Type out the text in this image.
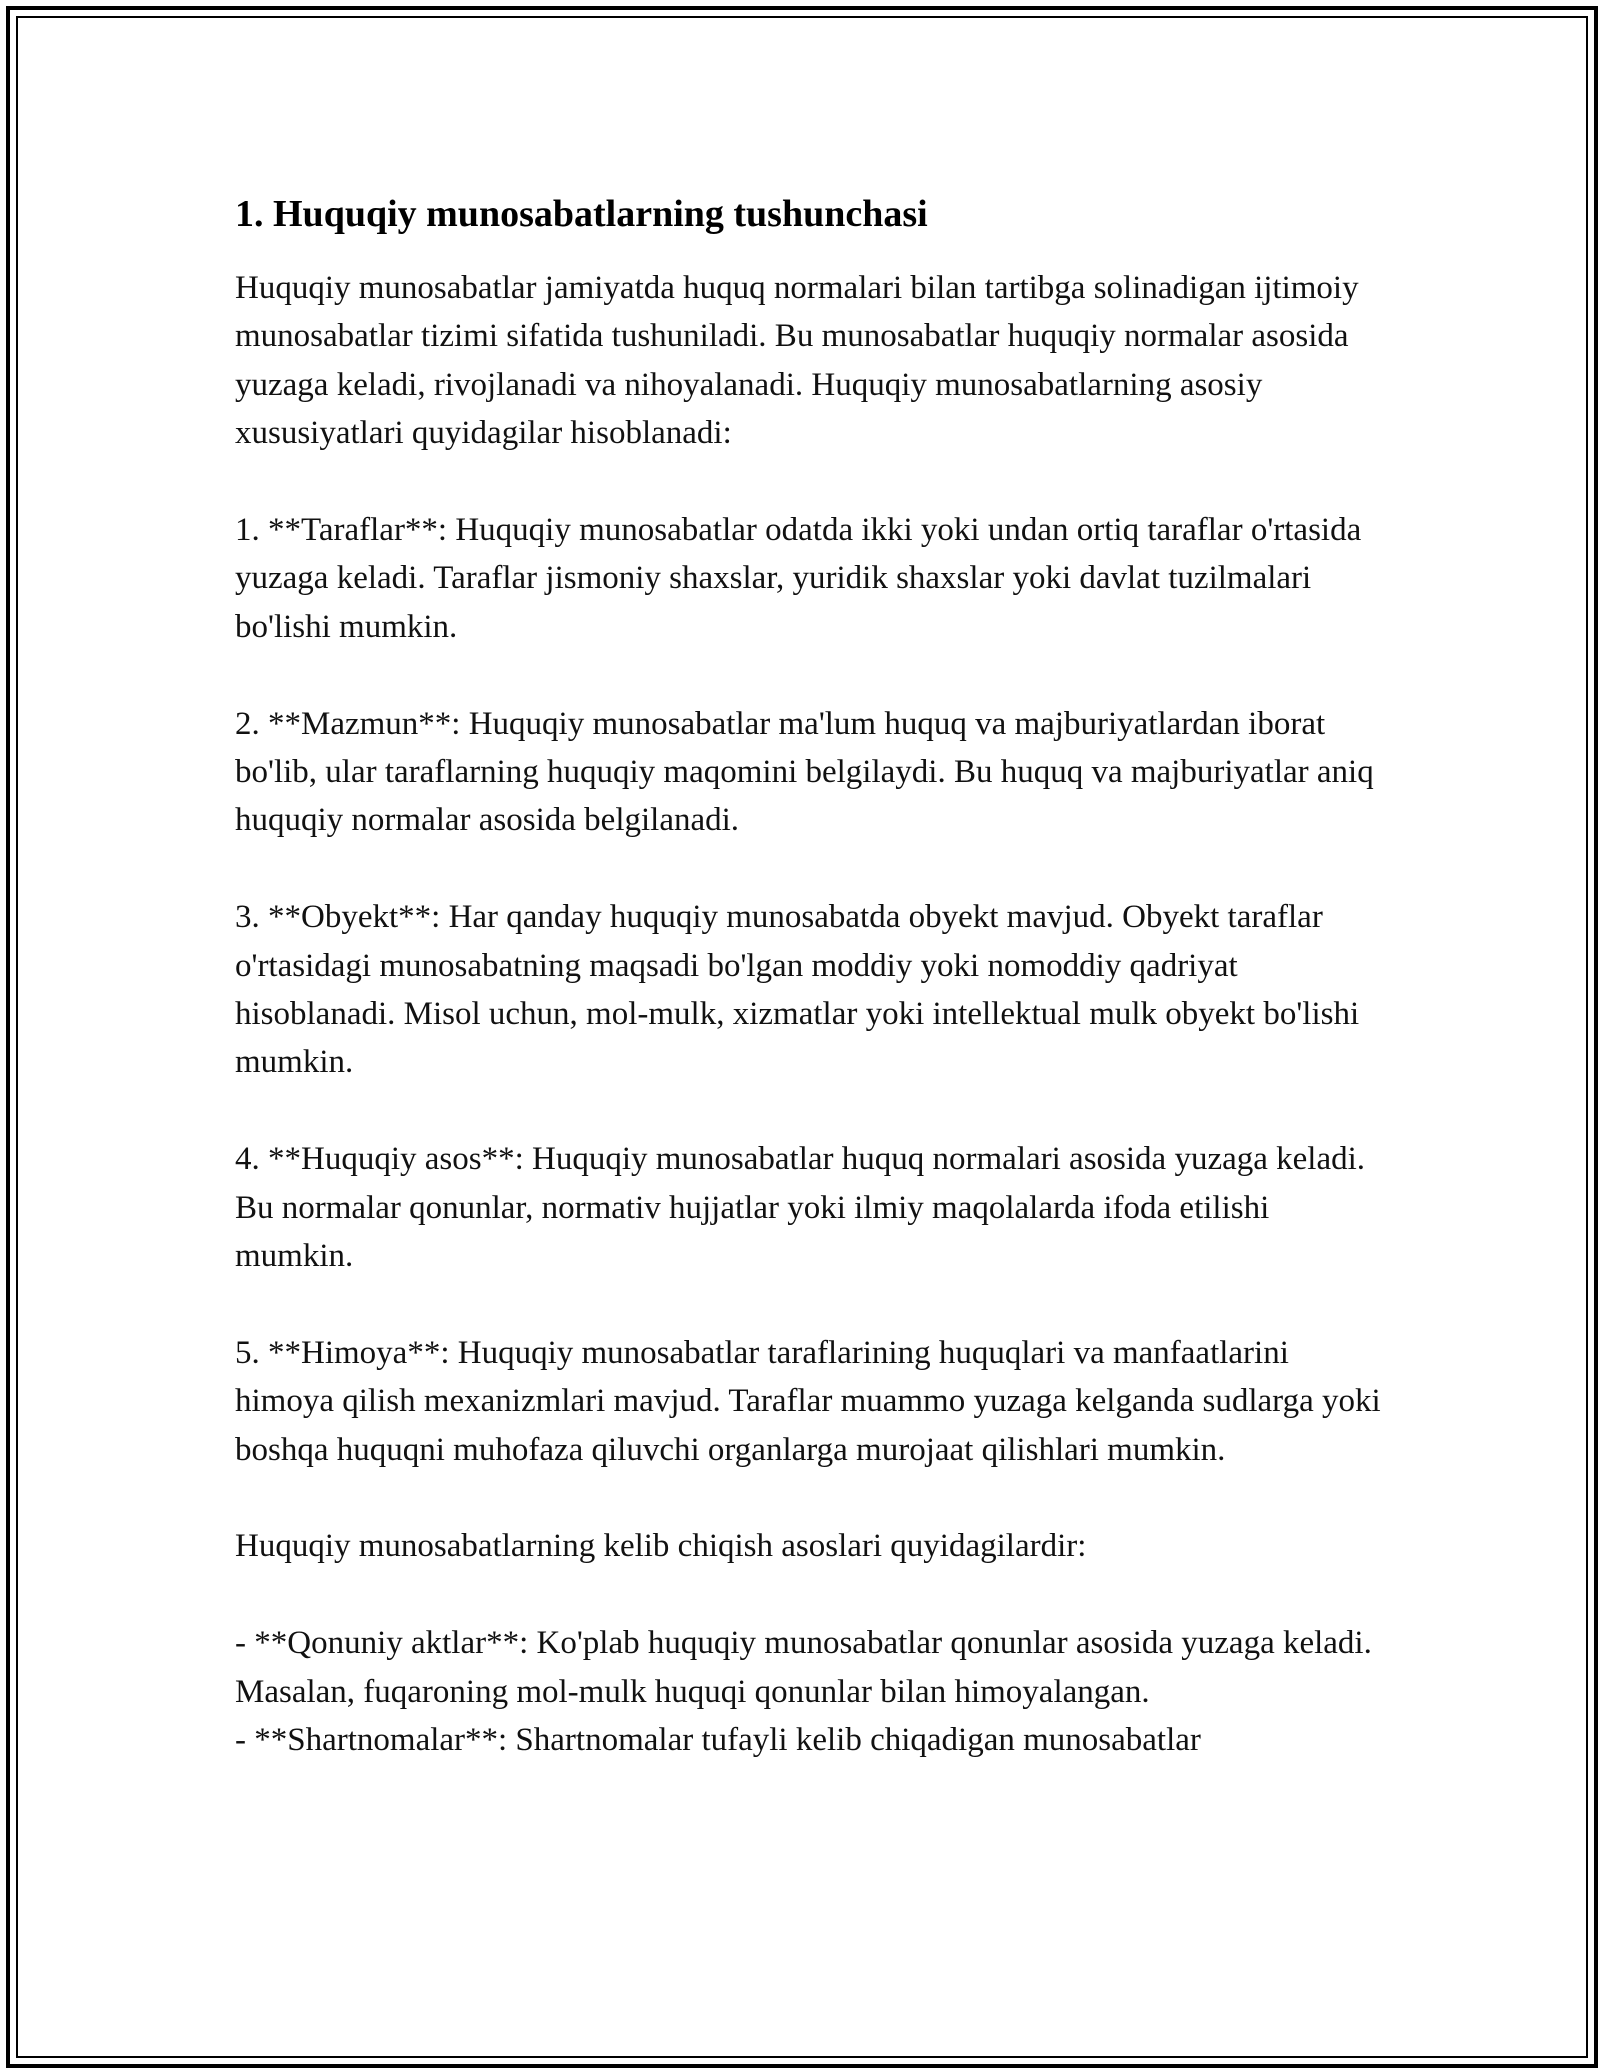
1. Huquqiy munosabatlarning tushunchasi

Huquqiy munosabatlar jamiyatda huquq normalari bilan tartibga solinadigan ijtimoiy munosabatlar tizimi sifatida tushuniladi. Bu munosabatlar huquqiy normalar asosida yuzaga keladi, rivojlanadi va nihoyalanadi. Huquqiy munosabatlarning asosiy xususiyatlari quyidagilar hisoblanadi:

1. **Taraflar**: Huquqiy munosabatlar odatda ikki yoki undan ortiq taraflar o'rtasida yuzaga keladi. Taraflar jismoniy shaxslar, yuridik shaxslar yoki davlat tuzilmalari bo'lishi mumkin.

2. **Mazmun**: Huquqiy munosabatlar ma'lum huquq va majburiyatlardan iborat bo'lib, ular taraflarning huquqiy maqomini belgilaydi. Bu huquq va majburiyatlar aniq huquqiy normalar asosida belgilanadi.

3. **Obyekt**: Har qanday huquqiy munosabatda obyekt mavjud. Obyekt taraflar o'rtasidagi munosabatning maqsadi bo'lgan moddiy yoki nomoddiy qadriyat hisoblanadi. Misol uchun, mol-mulk, xizmatlar yoki intellektual mulk obyekt bo'lishi mumkin.

4. **Huquqiy asos**: Huquqiy munosabatlar huquq normalari asosida yuzaga keladi. Bu normalar qonunlar, normativ hujjatlar yoki ilmiy maqolalarda ifoda etilishi mumkin.

5. **Himoya**: Huquqiy munosabatlar taraflarining huquqlari va manfaatlarini himoya qilish mexanizmlari mavjud. Taraflar muammo yuzaga kelganda sudlarga yoki boshqa huquqni muhofaza qiluvchi organlarga murojaat qilishlari mumkin.

Huquqiy munosabatlarning kelib chiqish asoslari quyidagilardir:

- **Qonuniy aktlar**: Ko'plab huquqiy munosabatlar qonunlar asosida yuzaga keladi. Masalan, fuqaroning mol-mulk huquqi qonunlar bilan himoyalangan.

- **Shartnomalar**: Shartnomalar tufayli kelib chiqadigan munosabatlar
